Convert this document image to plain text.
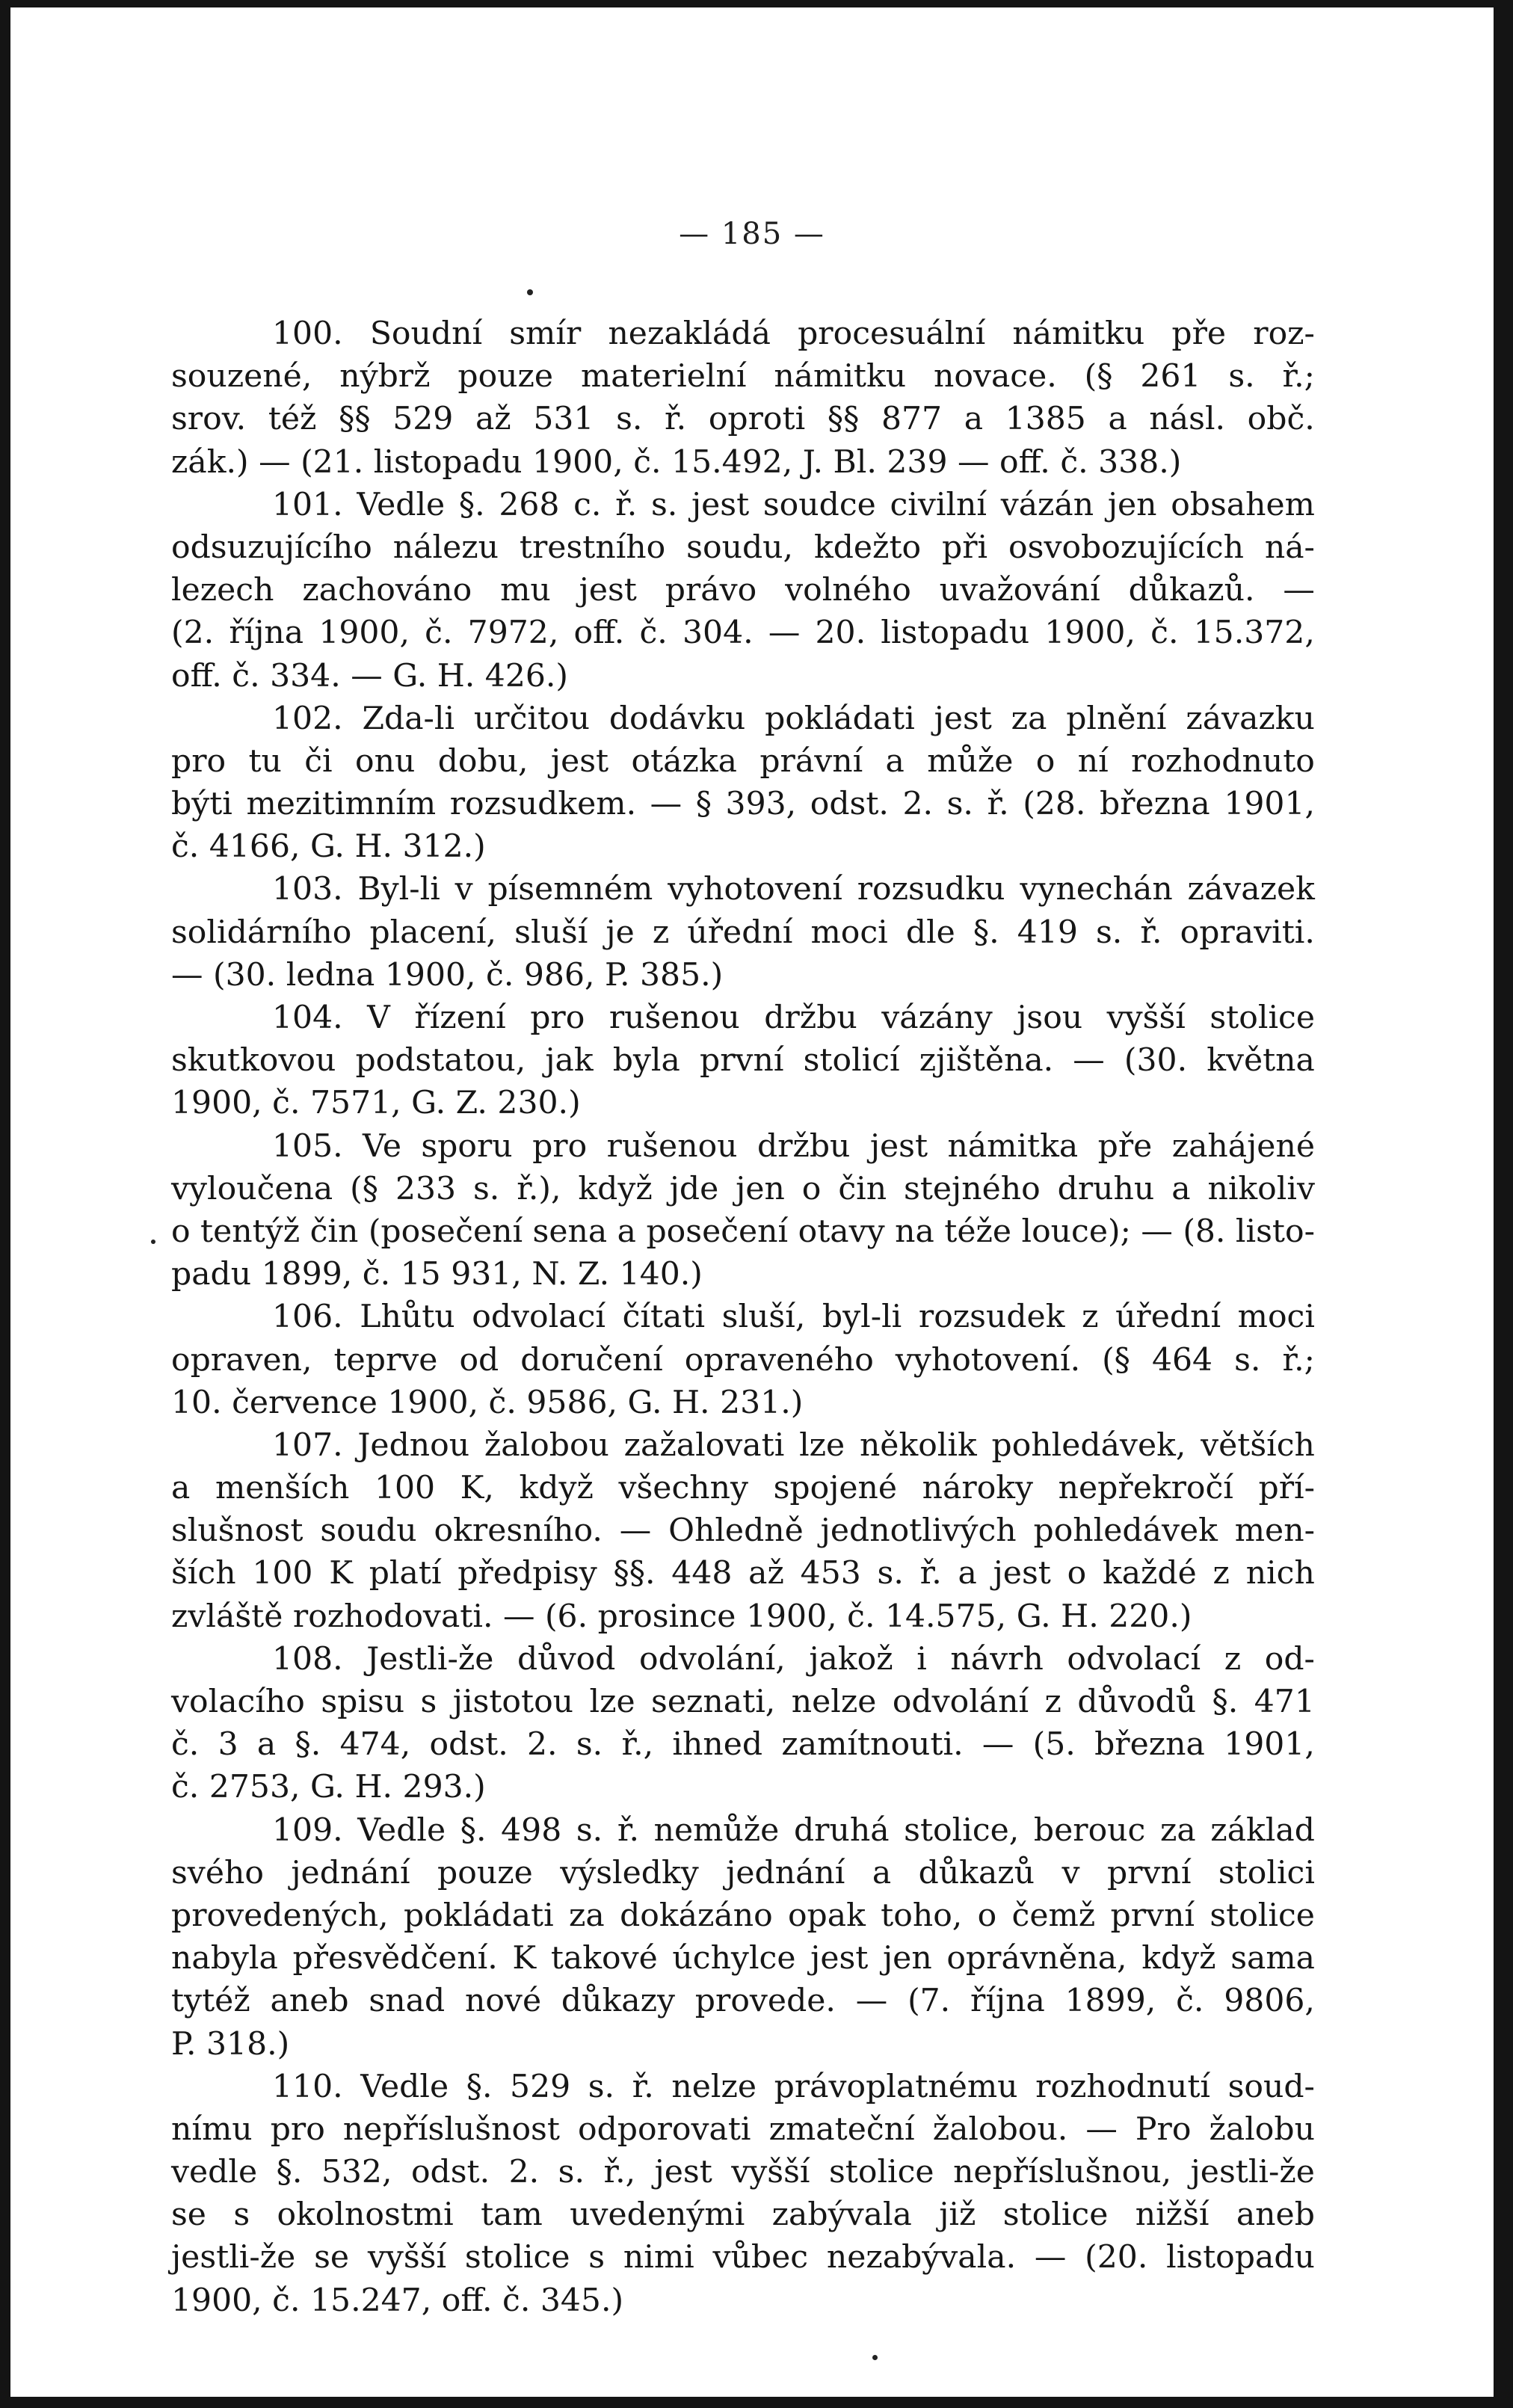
— 185 —
100. Soudní smír nezakládá procesuální námitku pře roz-
souzené, nýbrž pouze materielní námitku novace. (§ 261 s. ř.;
srov. též §§ 529 až 531 s. ř. oproti §§ 877 a 1385 a násl. obč.
zák.) — (21. listopadu 1900, č. 15.492, J. Bl. 239 — off. č. 338.)
101. Vedle §. 268 c. ř. s. jest soudce civilní vázán jen obsahem
odsuzujícího nálezu trestního soudu, kdežto při osvobozujících ná-
lezech zachováno mu jest právo volného uvažování důkazů. —
(2. října 1900, č. 7972, off. č. 304. — 20. listopadu 1900, č. 15.372,
off. č. 334. — G. H. 426.)
102. Zda-li určitou dodávku pokládati jest za plnění závazku
pro tu či onu dobu, jest otázka právní a může o ní rozhodnuto
býti mezitimním rozsudkem. — § 393, odst. 2. s. ř. (28. března 1901,
č. 4166, G. H. 312.)
103. Byl-li v písemném vyhotovení rozsudku vynechán závazek
solidárního placení, sluší je z úřední moci dle §. 419 s. ř. opraviti.
— (30. ledna 1900, č. 986, P. 385.)
104. V řízení pro rušenou držbu vázány jsou vyšší stolice
skutkovou podstatou, jak byla první stolicí zjištěna. — (30. května
1900, č. 7571, G. Z. 230.)
105. Ve sporu pro rušenou držbu jest námitka pře zahájené
vyloučena (§ 233 s. ř.), když jde jen o čin stejného druhu a nikoliv
o tentýž čin (posečení sena a posečení otavy na téže louce); — (8. listo-
padu 1899, č. 15 931, N. Z. 140.)
106. Lhůtu odvolací čítati sluší, byl-li rozsudek z úřední moci
opraven, teprve od doručení opraveného vyhotovení. (§ 464 s. ř.;
10. července 1900, č. 9586, G. H. 231.)
107. Jednou žalobou zažalovati lze několik pohledávek, větších
a menších 100 K, když všechny spojené nároky nepřekročí pří-
slušnost soudu okresního. — Ohledně jednotlivých pohledávek men-
ších 100 K platí předpisy §§. 448 až 453 s. ř. a jest o každé z nich
zvláště rozhodovati. — (6. prosince 1900, č. 14.575, G. H. 220.)
108. Jestli-že důvod odvolání, jakož i návrh odvolací z od-
volacího spisu s jistotou lze seznati, nelze odvolání z důvodů §. 471
č. 3 a §. 474, odst. 2. s. ř., ihned zamítnouti. — (5. března 1901,
č. 2753, G. H. 293.)
109. Vedle §. 498 s. ř. nemůže druhá stolice, berouc za základ
svého jednání pouze výsledky jednání a důkazů v první stolici
provedených, pokládati za dokázáno opak toho, o čemž první stolice
nabyla přesvědčení. K takové úchylce jest jen oprávněna, když sama
tytéž aneb snad nové důkazy provede. — (7. října 1899, č. 9806,
P. 318.)
110. Vedle §. 529 s. ř. nelze právoplatnému rozhodnutí soud-
nímu pro nepříslušnost odporovati zmateční žalobou. — Pro žalobu
vedle §. 532, odst. 2. s. ř., jest vyšší stolice nepříslušnou, jestli-že
se s okolnostmi tam uvedenými zabývala již stolice nižší aneb
jestli-že se vyšší stolice s nimi vůbec nezabývala. — (20. listopadu
1900, č. 15.247, off. č. 345.)
